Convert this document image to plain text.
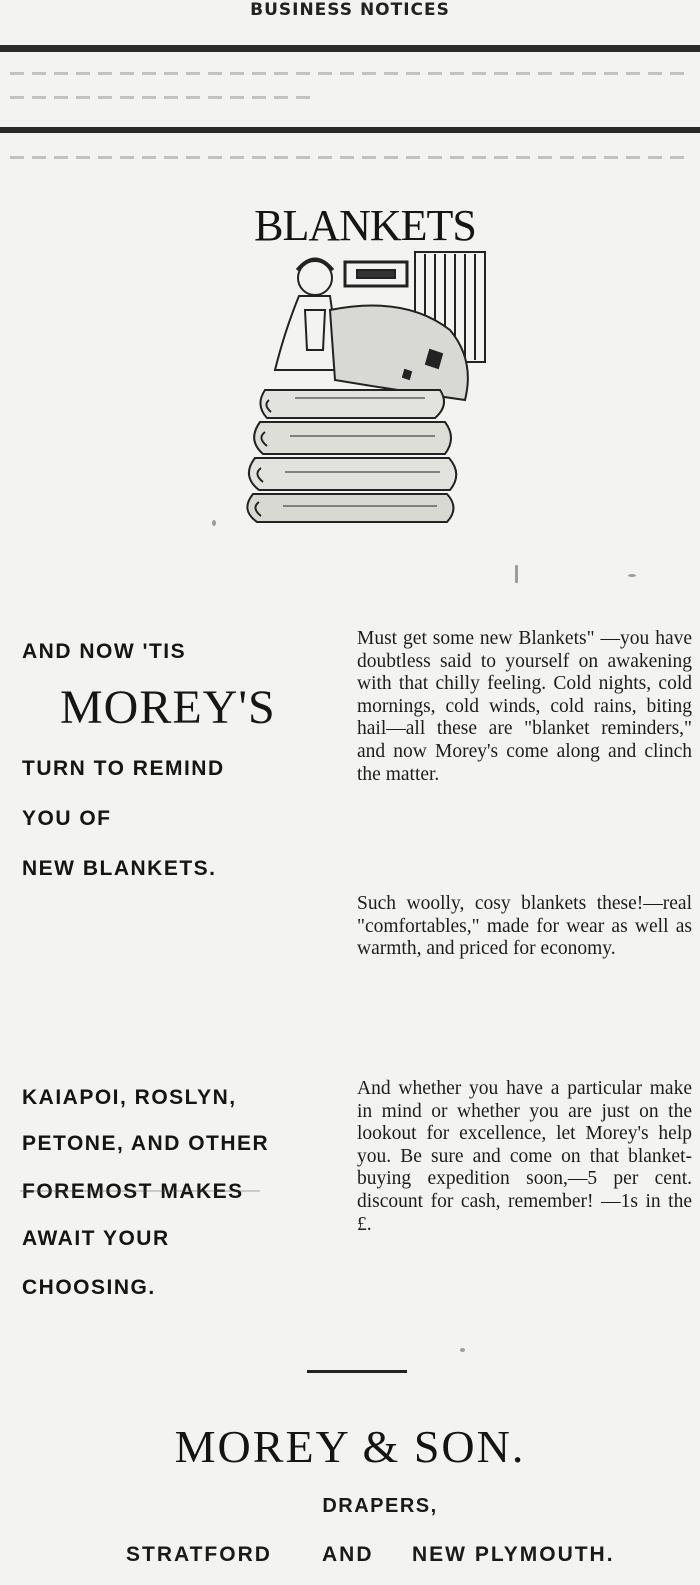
BUSINESS NOTICES
BLANKETS
AND NOW 'TIS
MOREY'S
TURN TO REMIND
YOU OF
NEW BLANKETS.
KAIAPOI, ROSLYN,
PETONE, AND OTHER
FOREMOST MAKES
AWAIT YOUR
CHOOSING.

Must get some new Blankets" —you have doubtless said to yourself on awakening with that chilly feeling. Cold nights, cold mornings, cold winds, cold rains, biting hail—all these are "blanket reminders," and now Morey's come along and clinch the matter.

Such woolly, cosy blankets these!—real "comfortables," made for wear as well as warmth, and priced for economy.

And whether you have a particular make in mind or whether you are just on the lookout for excellence, let Morey's help you. Be sure and come on that blanket-buying expedition soon,—5 per cent. discount for cash, remember! —1s in the £.

MOREY & SON.
DRAPERS,
STRATFORD AND NEW PLYMOUTH.
